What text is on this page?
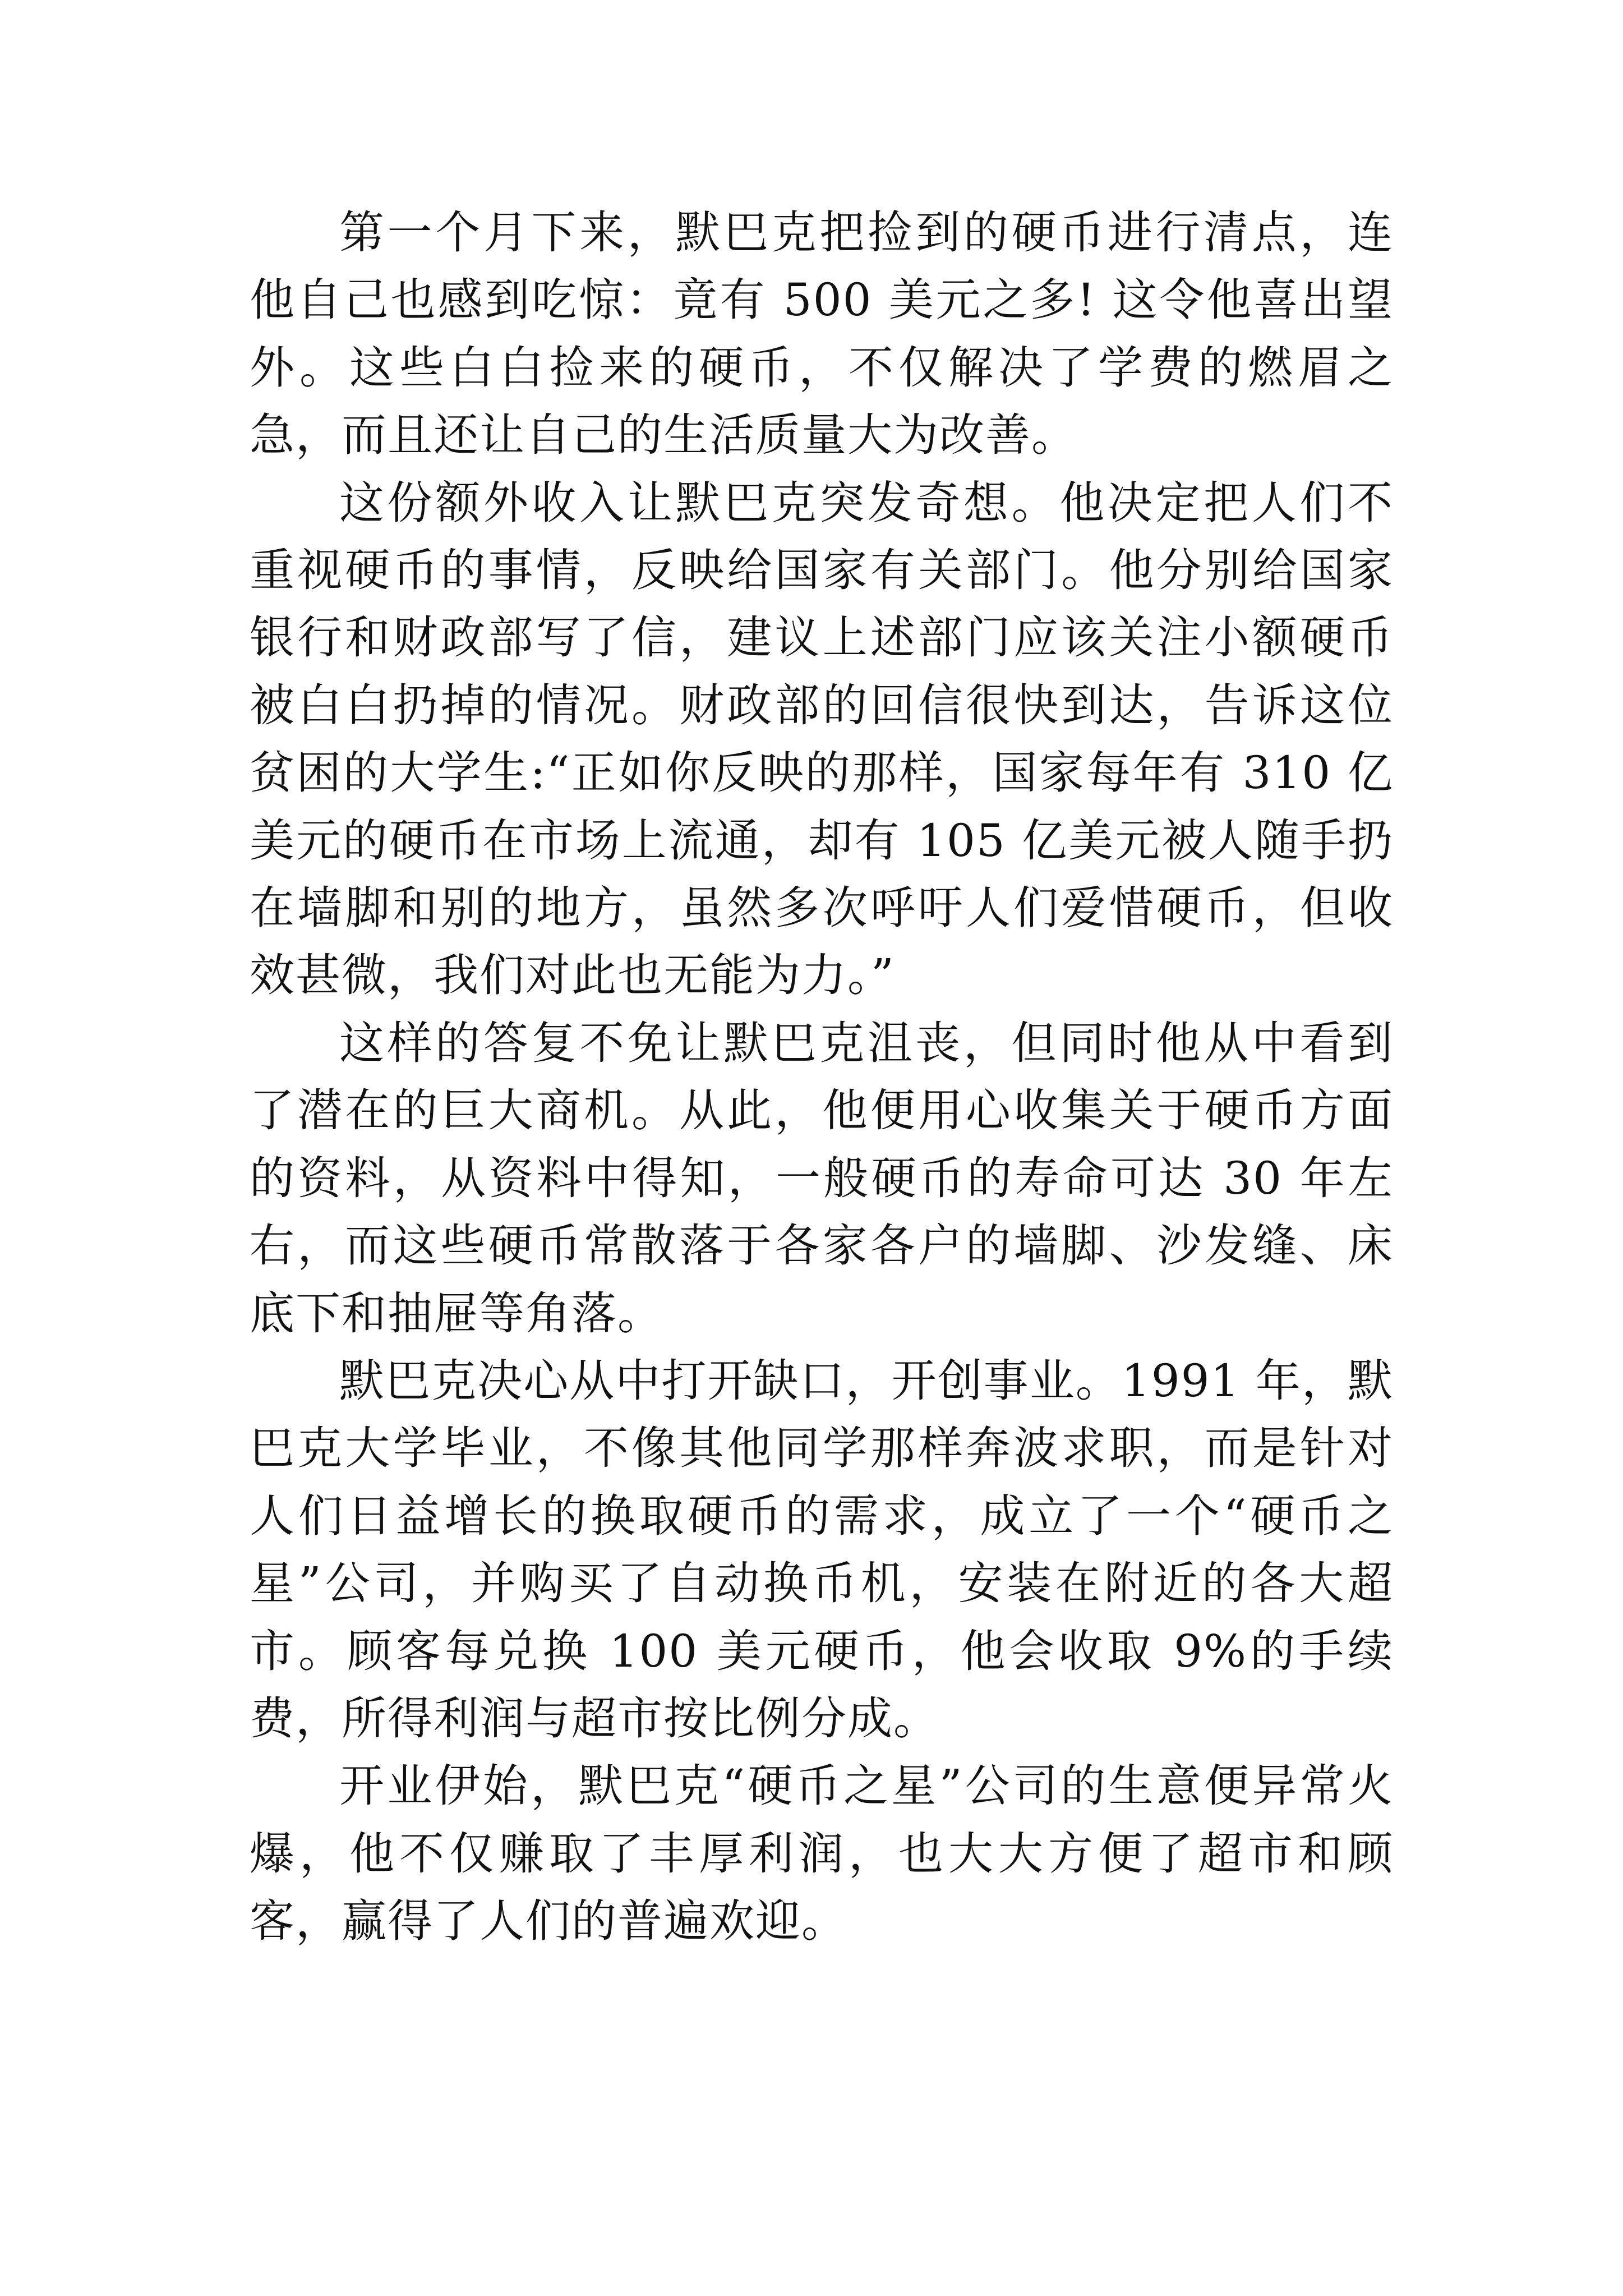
第一个月下来，默巴克把捡到的硬币进行清点，连他自己也感到吃惊：竟有 500 美元之多! 这令他喜出望外。这些白白捡来的硬币，不仅解决了学费的燃眉之急，而且还让自己的生活质量大为改善。

这份额外收入让默巴克突发奇想。他决定把人们不重视硬币的事情，反映给国家有关部门。他分别给国家银行和财政部写了信，建议上述部门应该关注小额硬币被白白扔掉的情况。财政部的回信很快到达，告诉这位贫困的大学生:“正如你反映的那样，国家每年有 310 亿美元的硬币在市场上流通，却有 105 亿美元被人随手扔在墙脚和别的地方，虽然多次呼吁人们爱惜硬币，但收效甚微，我们对此也无能为力。”

这样的答复不免让默巴克沮丧，但同时他从中看到了潜在的巨大商机。从此，他便用心收集关于硬币方面的资料，从资料中得知，一般硬币的寿命可达 30 年左右，而这些硬币常散落于各家各户的墙脚、沙发缝、床底下和抽屉等角落。

默巴克决心从中打开缺口，开创事业。1991 年，默巴克大学毕业，不像其他同学那样奔波求职，而是针对人们日益增长的换取硬币的需求，成立了一个“硬币之星”公司，并购买了自动换币机，安装在附近的各大超市。顾客每兑换 100 美元硬币，他会收取 9%的手续费，所得利润与超市按比例分成。

开业伊始，默巴克“硬币之星”公司的生意便异常火爆，他不仅赚取了丰厚利润，也大大方便了超市和顾客，赢得了人们的普遍欢迎。
